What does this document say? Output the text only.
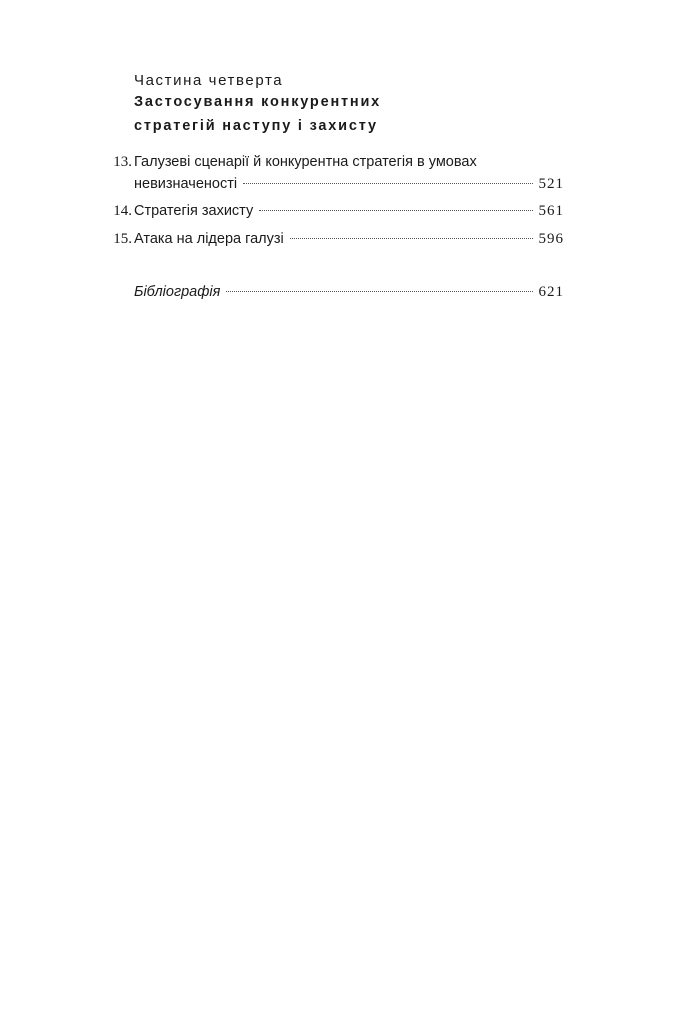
Частина четверта
Застосування конкурентних
стратегій наступу і захисту
13. Галузеві сценарії й конкурентна стратегія в умовах
невизначеності	521
14. Стратегія захисту	561
15. Атака на лідера галузі	596
Бібліографія	621
